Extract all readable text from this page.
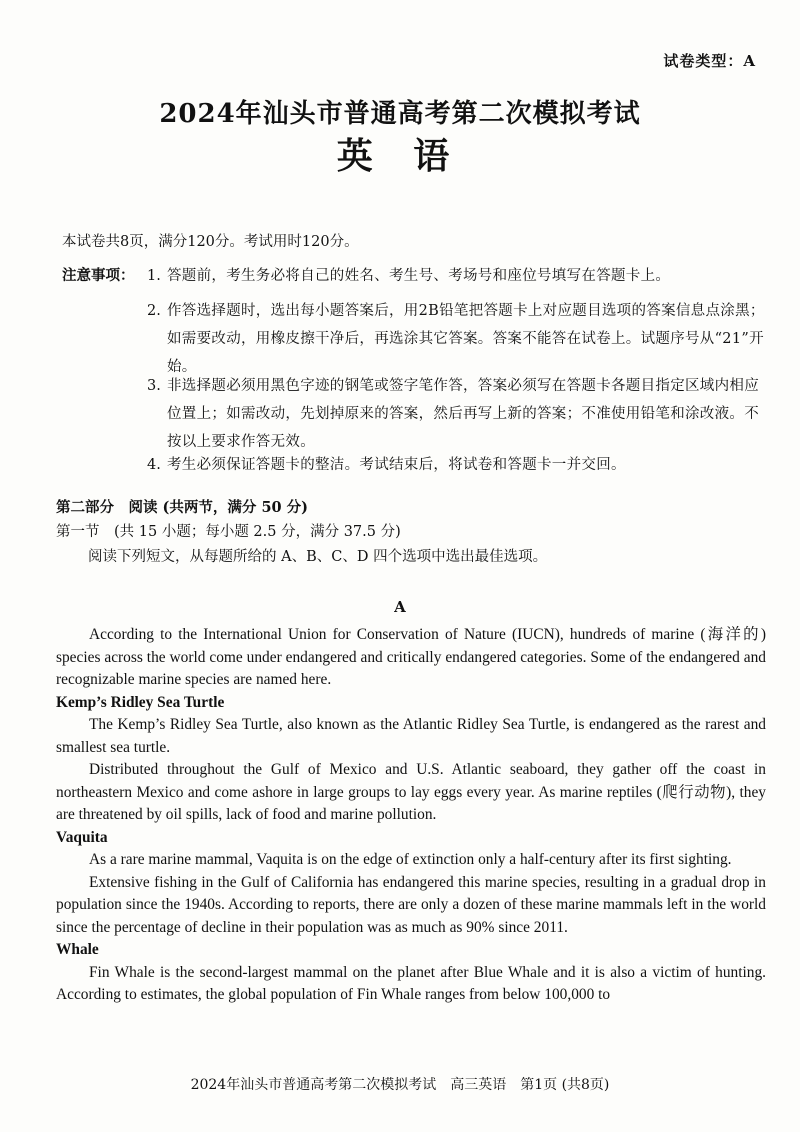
试卷类型：A
2024年汕头市普通高考第二次模拟考试
英 语
本试卷共8页，满分120分。考试用时120分。
注意事项： 1. 答题前，考生务必将自己的姓名、考生号、考场号和座位号填写在答题卡上。
2. 作答选择题时，选出每小题答案后，用2B铅笔把答题卡上对应题目选项的答案信息点涂黑；如需要改动，用橡皮擦干净后，再选涂其它答案。答案不能答在试卷上。试题序号从“21”开始。
3. 非选择题必须用黑色字迹的钢笔或签字笔作答，答案必须写在答题卡各题目指定区域内相应位置上；如需改动，先划掉原来的答案，然后再写上新的答案；不准使用铅笔和涂改液。不按以上要求作答无效。
4. 考生必须保证答题卡的整洁。考试结束后，将试卷和答题卡一并交回。
第二部分　阅读 (共两节，满分 50 分)
第一节　(共 15 小题；每小题 2.5 分，满分 37.5 分)
阅读下列短文，从每题所给的 A、B、C、D 四个选项中选出最佳选项。
A

According to the International Union for Conservation of Nature (IUCN), hundreds of marine (海洋的) species across the world come under endangered and critically endangered categories. Some of the endangered and recognizable marine species are named here.

Kemp’s Ridley Sea Turtle

The Kemp’s Ridley Sea Turtle, also known as the Atlantic Ridley Sea Turtle, is endangered as the rarest and smallest sea turtle.

Distributed throughout the Gulf of Mexico and U.S. Atlantic seaboard, they gather off the coast in northeastern Mexico and come ashore in large groups to lay eggs every year. As marine reptiles (爬行动物), they are threatened by oil spills, lack of food and marine pollution.

Vaquita

As a rare marine mammal, Vaquita is on the edge of extinction only a half-century after its first sighting.

Extensive fishing in the Gulf of California has endangered this marine species, resulting in a gradual drop in population since the 1940s. According to reports, there are only a dozen of these marine mammals left in the world since the percentage of decline in their population was as much as 90% since 2011.

Whale

Fin Whale is the second-largest mammal on the planet after Blue Whale and it is also a victim of hunting. According to estimates, the global population of Fin Whale ranges from below 100,000 to

2024年汕头市普通高考第二次模拟考试　高三英语　第1页 (共8页)
